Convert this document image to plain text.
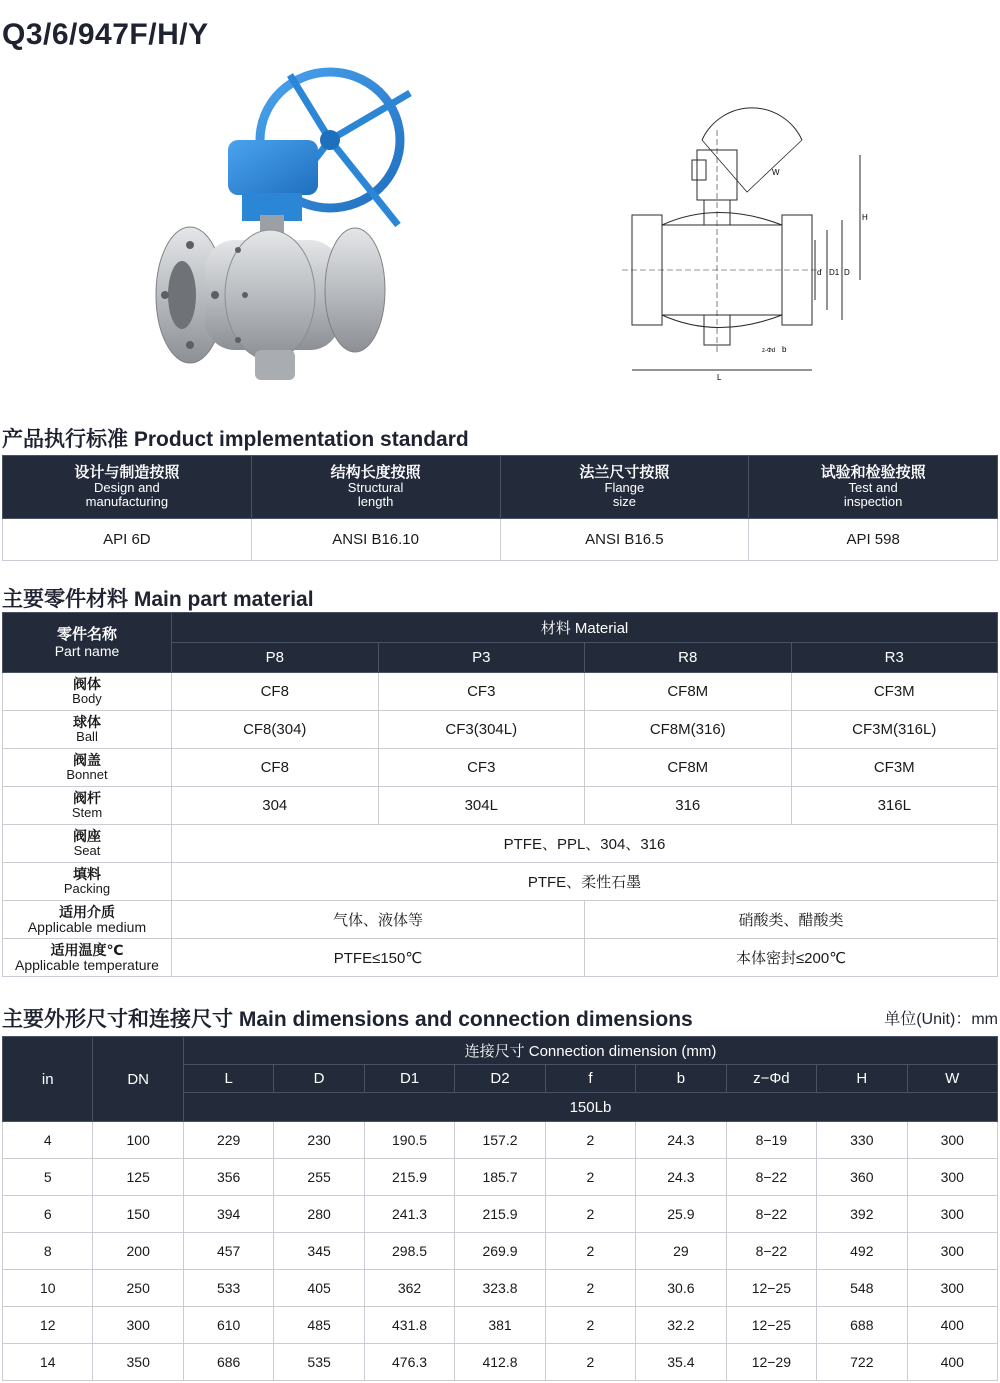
Q3/6/947F/H/Y
H
D
D1
d
b
z-Φd
L
W
产品执行标准 Product implementation standard
设计与制造按照
Design and
manufacturing	结构长度按照
Structural
length	法兰尺寸按照
Flange
size	试验和检验按照
Test and
inspection

API 6D	ANSI B16.10	ANSI B16.5	API 598
主要零件材料 Main part material
零件名称
Part name	材料 Material			
	P8	P3	R8	R3

阀体
Body	CF8	CF3	CF8M	CF3M

球体
Ball	CF8(304)	CF3(304L)	CF8M(316)	CF3M(316L)

阀盖
Bonnet	CF8	CF3	CF8M	CF3M

阀杆
Stem	304	304L	316	316L

阀座
Seat	PTFE、PPL、304、316			

填料
Packing	PTFE、柔性石墨			

适用介质
Applicable medium	气体、液体等		硝酸类、醋酸类	

适用温度℃
Applicable temperature	PTFE≤150℃		本体密封≤200℃	
主要外形尺寸和连接尺寸 Main dimensions and connection dimensions	单位(Unit)：mm
in	DN	连接尺寸 Connection dimension (mm)								
		L	D	D1	D2	f	b	z−Φd	H	W
		150Lb								
4	100	229	230	190.5	157.2	2	24.3	8−19	330	300
5	125	356	255	215.9	185.7	2	24.3	8−22	360	300
6	150	394	280	241.3	215.9	2	25.9	8−22	392	300
8	200	457	345	298.5	269.9	2	29	8−22	492	300
10	250	533	405	362	323.8	2	30.6	12−25	548	300
12	300	610	485	431.8	381	2	32.2	12−25	688	400
14	350	686	535	476.3	412.8	2	35.4	12−29	722	400
